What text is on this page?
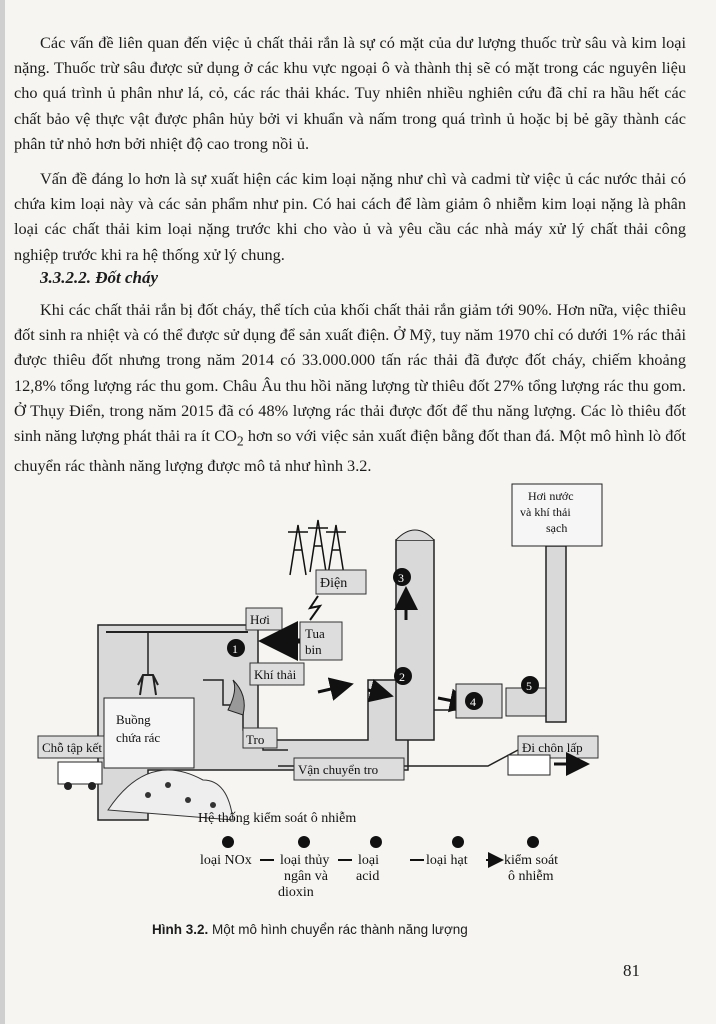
Các vấn đề liên quan đến việc ủ chất thải rắn là sự có mặt của dư lượng thuốc trừ sâu và kim loại nặng. Thuốc trừ sâu được sử dụng ở các khu vực ngoại ô và thành thị sẽ có mặt trong các nguyên liệu cho quá trình ủ phân như lá, cỏ, các rác thải khác. Tuy nhiên nhiều nghiên cứu đã chỉ ra hầu hết các chất bảo vệ thực vật được phân hủy bởi vi khuẩn và nấm trong quá trình ủ hoặc bị bẻ gãy thành các phân tử nhỏ hơn bởi nhiệt độ cao trong nồi ủ.

Vấn đề đáng lo hơn là sự xuất hiện các kim loại nặng như chì và cadmi từ việc ủ các nước thải có chứa kim loại này và các sản phẩm như pin. Có hai cách để làm giảm ô nhiễm kim loại nặng là phân loại các chất thải kim loại nặng trước khi cho vào ủ và yêu cầu các nhà máy xử lý chất thải công nghiệp trước khi ra hệ thống xử lý chung.

3.3.2.2. Đốt cháy

Khi các chất thải rắn bị đốt cháy, thể tích của khối chất thải rắn giảm tới 90%. Hơn nữa, việc thiêu đốt sinh ra nhiệt và có thể được sử dụng để sản xuất điện. Ở Mỹ, tuy năm 1970 chỉ có dưới 1% rác thải được thiêu đốt nhưng trong năm 2014 có 33.000.000 tấn rác thải đã được đốt cháy, chiếm khoảng 12,8% tổng lượng rác thu gom. Châu Âu thu hồi năng lượng từ thiêu đốt 27% tổng lượng rác thu gom. Ở Thụy Điển, trong năm 2015 đã có 48% lượng rác thải được đốt để thu năng lượng. Các lò thiêu đốt sinh năng lượng phát thải ra ít $CO_2$ hơn so với việc sản xuất điện bằng đốt than đá. Một mô hình lò đốt chuyển rác thành năng lượng được mô tả như hình 3.2.

Điện
Buồng
chứa rác	Tro
Hơi
Tua
bin
1
Khí thải
3
2
4
5
Hơi nước
và khí thải
sạch
Chỗ tập kết
Vận chuyển tro
Đi chôn lấp
Hệ thống kiểm soát ô nhiễm
loại NOx loại thủy
ngân và
dioxin
loại
acid
loại hạt	kiểm soát
ô nhiễm
Hình 3.2. Một mô hình chuyển rác thành năng lượng
81
